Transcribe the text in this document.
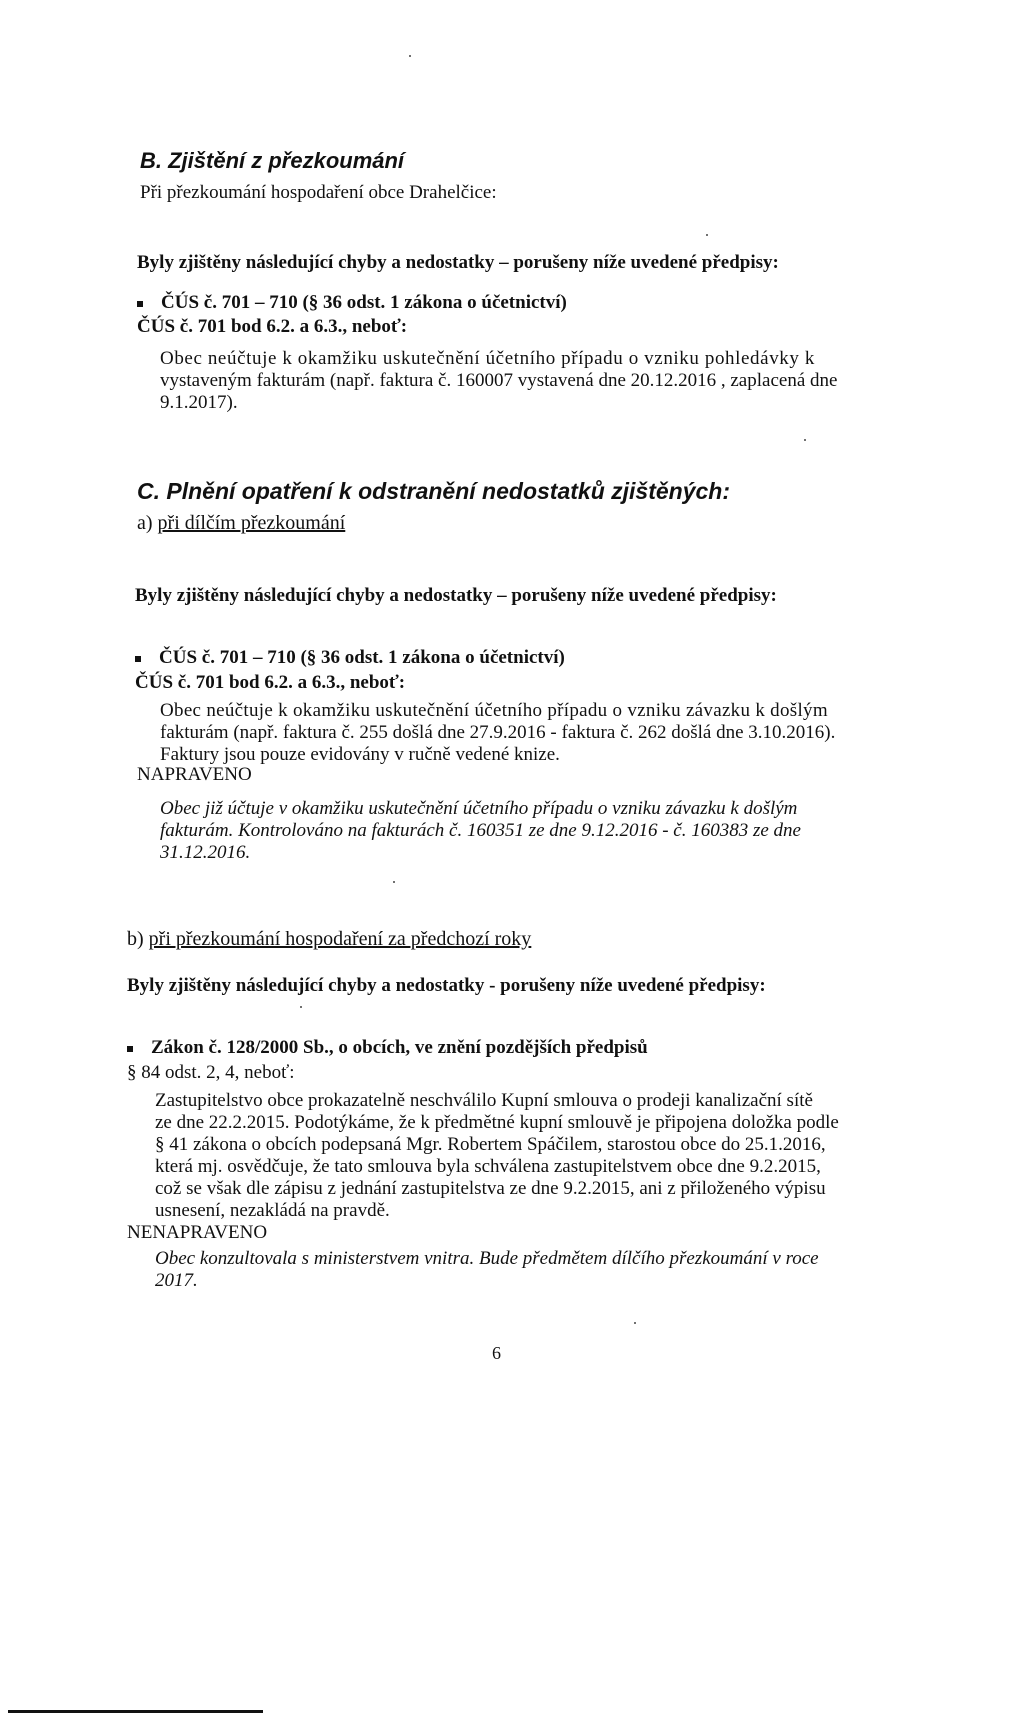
B. Zjištění z přezkoumání
Při přezkoumání hospodaření obce Drahelčice:
Byly zjištěny následující chyby a nedostatky – porušeny níže uvedené předpisy:
ČÚS č. 701 – 710 (§ 36 odst. 1 zákona o účetnictví)
ČÚS č. 701 bod 6.2. a 6.3., neboť:
Obec neúčtuje k okamžiku uskutečnění účetního případu o vzniku pohledávky k
vystaveným fakturám (např. faktura č. 160007 vystavená dne 20.12.2016 , zaplacená dne
9.1.2017).
C. Plnění opatření k odstranění nedostatků zjištěných:
a) při dílčím přezkoumání
Byly zjištěny následující chyby a nedostatky – porušeny níže uvedené předpisy:
ČÚS č. 701 – 710 (§ 36 odst. 1 zákona o účetnictví)
ČÚS č. 701 bod 6.2. a 6.3., neboť:
Obec neúčtuje k okamžiku uskutečnění účetního případu o vzniku závazku k došlým
fakturám (např. faktura č. 255 došlá dne 27.9.2016 - faktura č. 262 došlá dne 3.10.2016).
Faktury jsou pouze evidovány v ručně vedené knize.
NAPRAVENO
Obec již účtuje v okamžiku uskutečnění účetního případu o vzniku závazku k došlým
fakturám. Kontrolováno na fakturách č. 160351 ze dne 9.12.2016 - č. 160383 ze dne
31.12.2016.
b) při přezkoumání hospodaření za předchozí roky
Byly zjištěny následující chyby a nedostatky - porušeny níže uvedené předpisy:
Zákon č. 128/2000 Sb., o obcích, ve znění pozdějších předpisů
§ 84 odst. 2, 4, neboť:
Zastupitelstvo obce prokazatelně neschválilo Kupní smlouva o prodeji kanalizační sítě
ze dne 22.2.2015. Podotýkáme, že k předmětné kupní smlouvě je připojena doložka podle
§ 41 zákona o obcích podepsaná Mgr. Robertem Spáčilem, starostou obce do 25.1.2016,
která mj. osvědčuje, že tato smlouva byla schválena zastupitelstvem obce dne 9.2.2015,
což se však dle zápisu z jednání zastupitelstva ze dne 9.2.2015, ani z přiloženého výpisu
usnesení, nezakládá na pravdě.
NENAPRAVENO
Obec konzultovala s ministerstvem vnitra. Bude předmětem dílčího přezkoumání v roce
2017.
6
